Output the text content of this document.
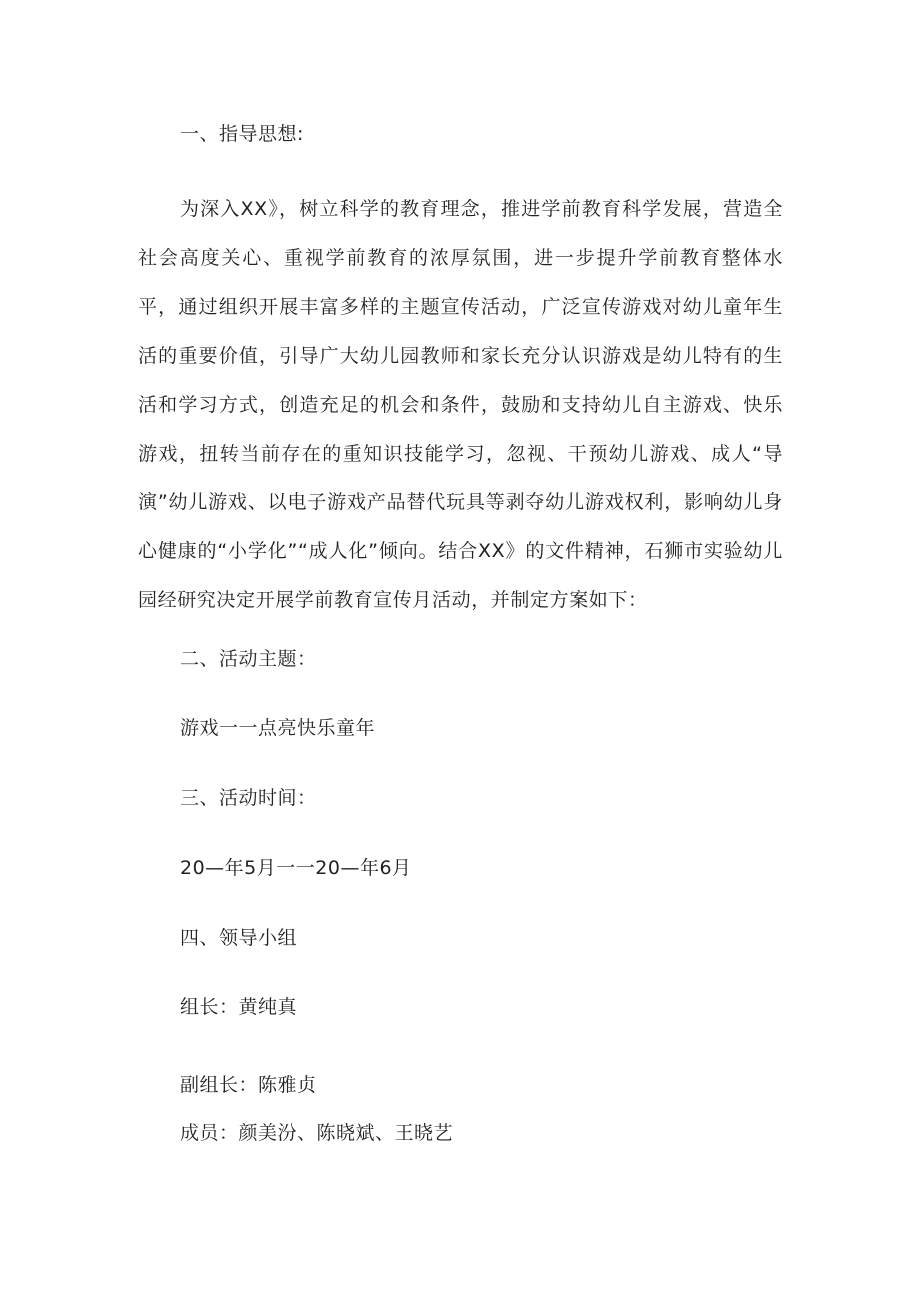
一、指导思想:

为深入XX》，树立科学的教育理念，推进学前教育科学发展，营造全社会高度关心、重视学前教育的浓厚氛围，进一步提升学前教育整体水平，通过组织开展丰富多样的主题宣传活动，广泛宣传游戏对幼儿童年生活的重要价值，引导广大幼儿园教师和家长充分认识游戏是幼儿特有的生活和学习方式，创造充足的机会和条件，鼓励和支持幼儿自主游戏、快乐游戏，扭转当前存在的重知识技能学习，忽视、干预幼儿游戏、成人“导演”幼儿游戏、以电子游戏产品替代玩具等剥夺幼儿游戏权利，影响幼儿身心健康的“小学化”“成人化”倾向。结合XX》的文件精神，石狮市实验幼儿园经研究决定开展学前教育宣传月活动，并制定方案如下：

二、活动主题：
游戏一一点亮快乐童年
三、活动时间：
20—年5月一一20—年6月
四、领导小组
组长：黄纯真
副组长：陈雅贞
成员：颜美汾、陈晓斌、王晓艺
